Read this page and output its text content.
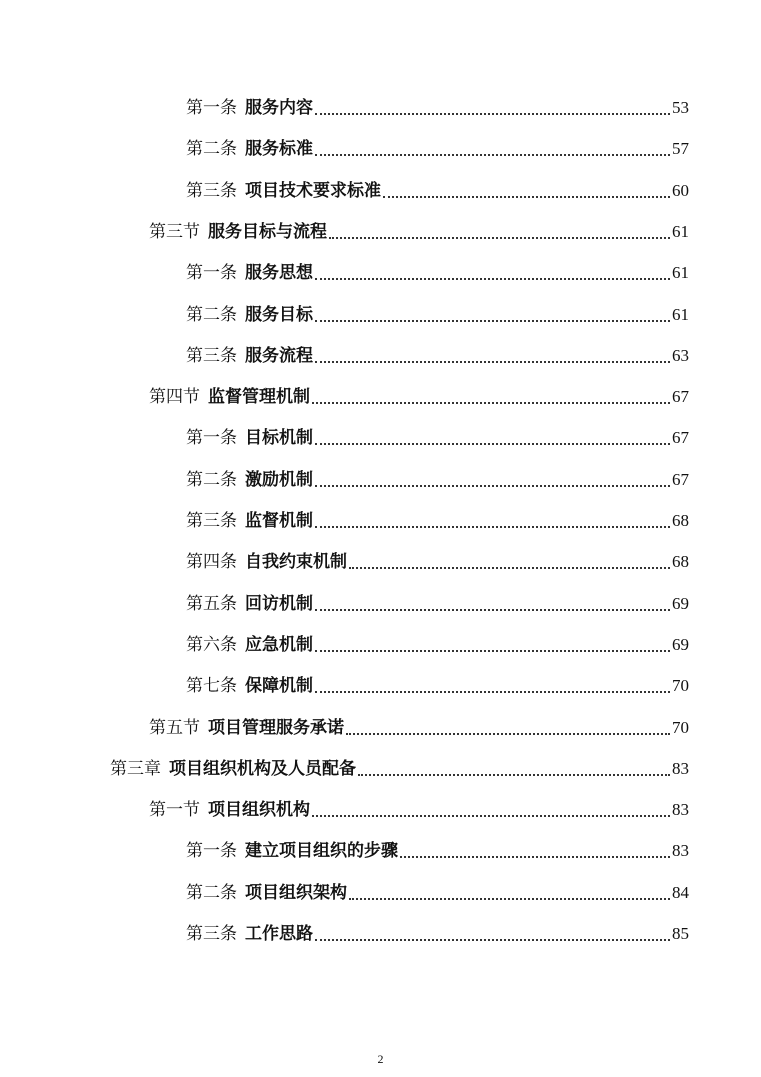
第一条 服务内容	53
第二条 服务标准	57
第三条 项目技术要求标准	60
第三节 服务目标与流程	61
第一条 服务思想	61
第二条 服务目标	61
第三条 服务流程	63
第四节 监督管理机制	67
第一条 目标机制	67
第二条 激励机制	67
第三条 监督机制	68
第四条 自我约束机制	68
第五条 回访机制	69
第六条 应急机制	69
第七条 保障机制	70
第五节 项目管理服务承诺	70
第三章 项目组织机构及人员配备	83
第一节 项目组织机构	83
第一条 建立项目组织的步骤	83
第二条 项目组织架构	84
第三条 工作思路	85
2
